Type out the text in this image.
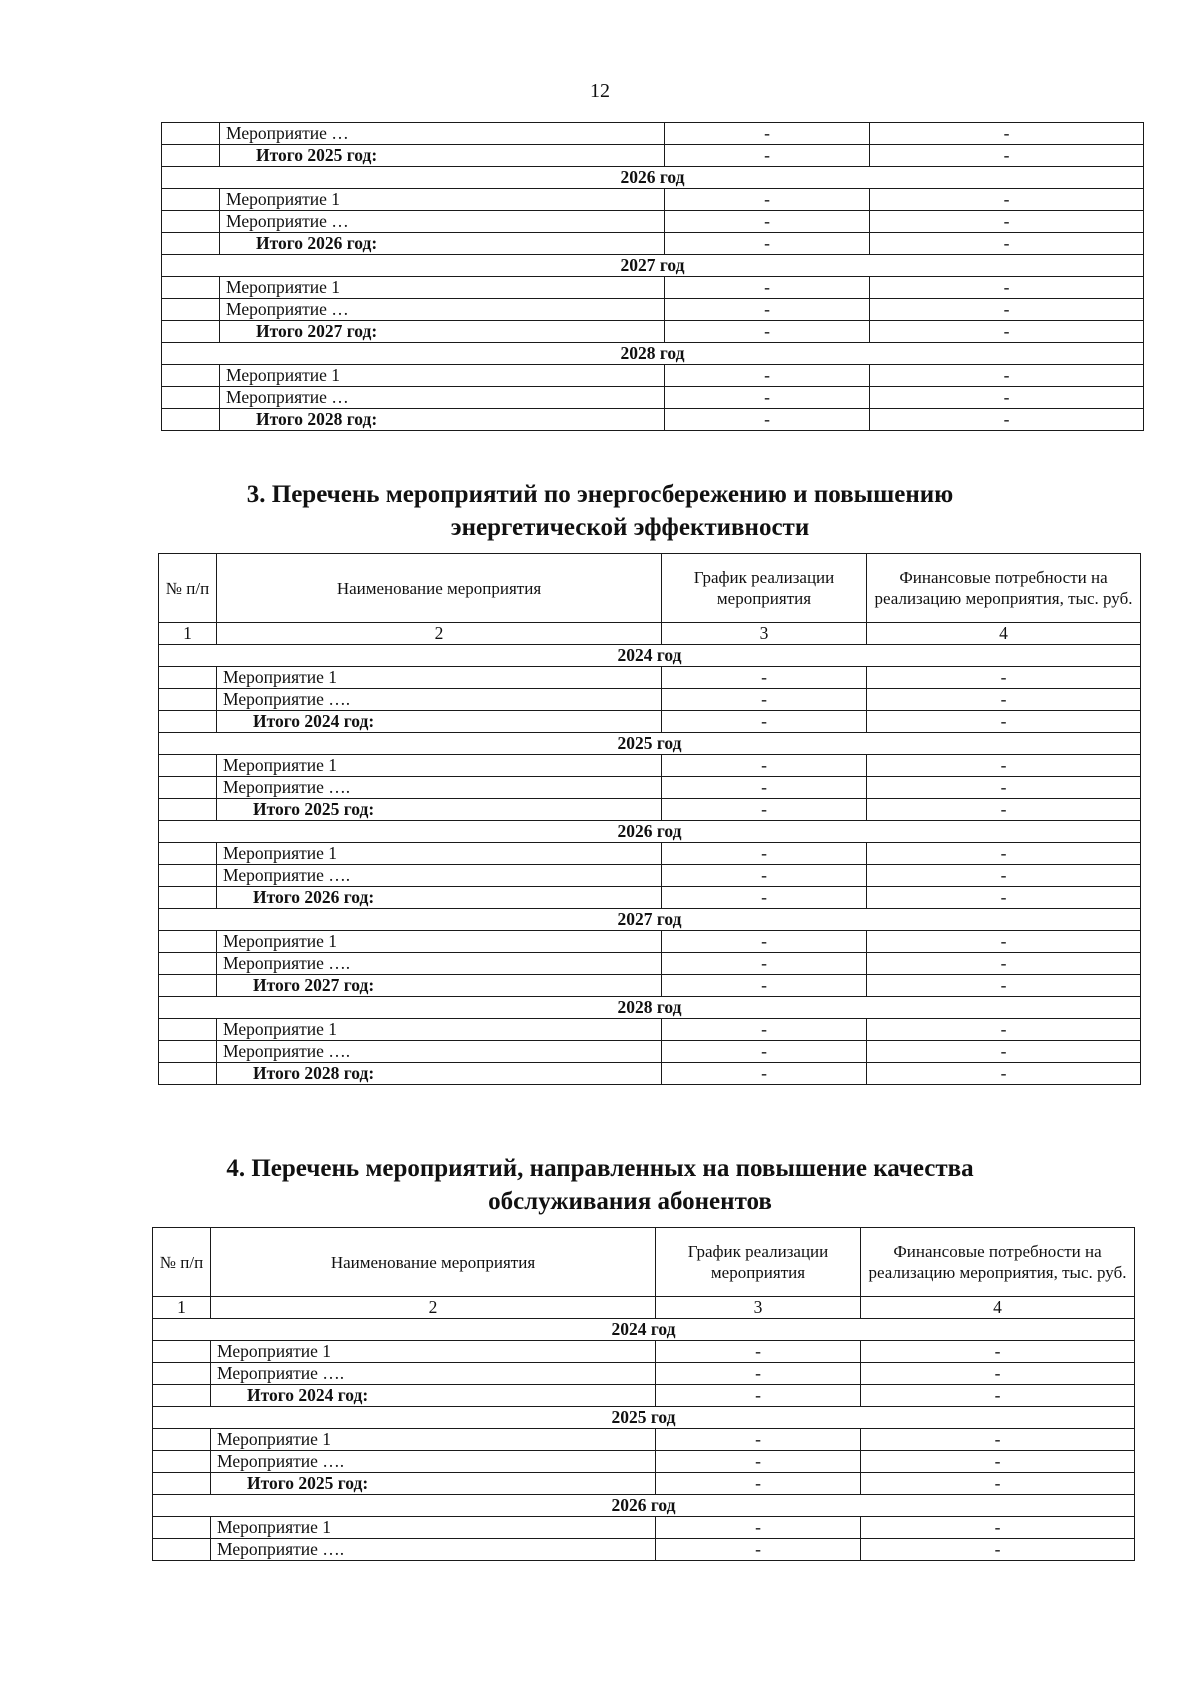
12
	Мероприятие …	-	-
	Итого 2025 год:	-	-
2026 год			
	Мероприятие 1	-	-
	Мероприятие …	-	-
	Итого 2026 год:	-	-
2027 год			
	Мероприятие 1	-	-
	Мероприятие …	-	-
	Итого 2027 год:	-	-
2028 год			
	Мероприятие 1	-	-
	Мероприятие …	-	-
	Итого 2028 год:	-	-
3. Перечень мероприятий по энергосбережению и повышению
энергетической эффективности
№ п/п	Наименование мероприятия	График реализации мероприятия	Финансовые потребности на реализацию мероприятия, тыс. руб.
1	2	3	4
2024 год			
	Мероприятие 1	-	-
	Мероприятие ….	-	-
	Итого 2024 год:	-	-
2025 год			
	Мероприятие 1	-	-
	Мероприятие ….	-	-
	Итого 2025 год:	-	-
2026 год			
	Мероприятие 1	-	-
	Мероприятие ….	-	-
	Итого 2026 год:	-	-
2027 год			
	Мероприятие 1	-	-
	Мероприятие ….	-	-
	Итого 2027 год:	-	-
2028 год			
	Мероприятие 1	-	-
	Мероприятие ….	-	-
	Итого 2028 год:	-	-
4. Перечень мероприятий, направленных на повышение качества
обслуживания абонентов
№ п/п	Наименование мероприятия	График реализации мероприятия	Финансовые потребности на реализацию мероприятия, тыс. руб.
1	2	3	4
2024 год			
	Мероприятие 1	-	-
	Мероприятие ….	-	-
	Итого 2024 год:	-	-
2025 год			
	Мероприятие 1	-	-
	Мероприятие ….	-	-
	Итого 2025 год:	-	-
2026 год			
	Мероприятие 1	-	-
	Мероприятие ….	-	-
